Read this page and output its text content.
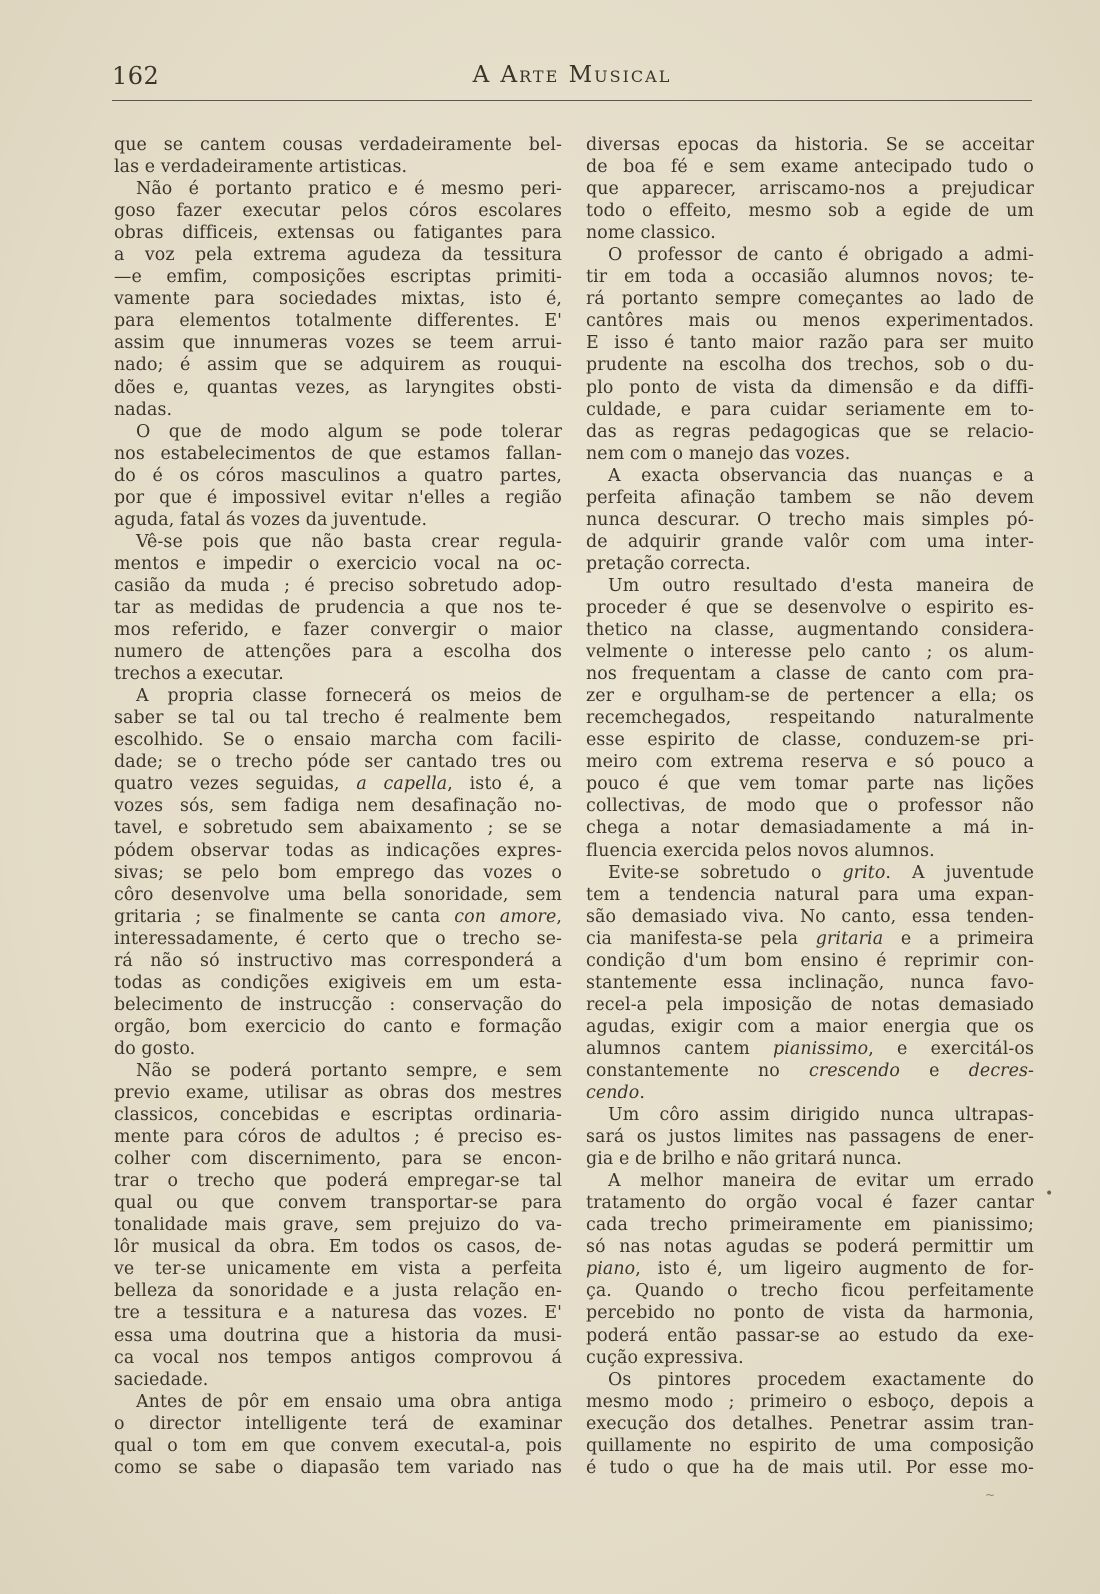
162	A Arte Musical
que se cantem cousas verdadeiramente bel-
las e verdadeiramente artisticas.
Não é portanto pratico e é mesmo peri-
goso fazer executar pelos córos escolares
obras difficeis, extensas ou fatigantes para
a voz pela extrema agudeza da tessitura
—e emfim, composições escriptas primiti-
vamente para sociedades mixtas, isto é,
para elementos totalmente differentes. E'
assim que innumeras vozes se teem arrui-
nado; é assim que se adquirem as rouqui-
dões e, quantas vezes, as laryngites obsti-
nadas.
O que de modo algum se pode tolerar
nos estabelecimentos de que estamos fallan-
do é os córos masculinos a quatro partes,
por que é impossivel evitar n'elles a região
aguda, fatal ás vozes da juventude.
Vê-se pois que não basta crear regula-
mentos e impedir o exercicio vocal na oc-
casião da muda ; é preciso sobretudo adop-
tar as medidas de prudencia a que nos te-
mos referido, e fazer convergir o maior
numero de attenções para a escolha dos
trechos a executar.
A propria classe fornecerá os meios de
saber se tal ou tal trecho é realmente bem
escolhido. Se o ensaio marcha com facili-
dade; se o trecho póde ser cantado tres ou
quatro vezes seguidas, a capella, isto é, a
vozes sós, sem fadiga nem desafinação no-
tavel, e sobretudo sem abaixamento ; se se
pódem observar todas as indicações expres-
sivas; se pelo bom emprego das vozes o
côro desenvolve uma bella sonoridade, sem
gritaria ; se finalmente se canta con amore,
interessadamente, é certo que o trecho se-
rá não só instructivo mas corresponderá a
todas as condições exigiveis em um esta-
belecimento de instrucção : conservação do
orgão, bom exercicio do canto e formação
do gosto.
Não se poderá portanto sempre, e sem
previo exame, utilisar as obras dos mestres
classicos, concebidas e escriptas ordinaria-
mente para córos de adultos ; é preciso es-
colher com discernimento, para se encon-
trar o trecho que poderá empregar-se tal
qual ou que convem transportar-se para
tonalidade mais grave, sem prejuizo do va-
lôr musical da obra. Em todos os casos, de-
ve ter-se unicamente em vista a perfeita
belleza da sonoridade e a justa relação en-
tre a tessitura e a naturesa das vozes. E'
essa uma doutrina que a historia da musi-
ca vocal nos tempos antigos comprovou á
saciedade.
Antes de pôr em ensaio uma obra antiga
o director intelligente terá de examinar
qual o tom em que convem executal-a, pois
como se sabe o diapasão tem variado nas
diversas epocas da historia. Se se acceitar
de boa fé e sem exame antecipado tudo o
que apparecer, arriscamo-nos a prejudicar
todo o effeito, mesmo sob a egide de um
nome classico.
O professor de canto é obrigado a admi-
tir em toda a occasião alumnos novos; te-
rá portanto sempre começantes ao lado de
cantôres mais ou menos experimentados.
E isso é tanto maior razão para ser muito
prudente na escolha dos trechos, sob o du-
plo ponto de vista da dimensão e da diffi-
culdade, e para cuidar seriamente em to-
das as regras pedagogicas que se relacio-
nem com o manejo das vozes.
A exacta observancia das nuanças e a
perfeita afinação tambem se não devem
nunca descurar. O trecho mais simples pó-
de adquirir grande valôr com uma inter-
pretação correcta.
Um outro resultado d'esta maneira de
proceder é que se desenvolve o espirito es-
thetico na classe, augmentando considera-
velmente o interesse pelo canto ; os alum-
nos frequentam a classe de canto com pra-
zer e orgulham-se de pertencer a ella; os
recemchegados, respeitando naturalmente
esse espirito de classe, conduzem-se pri-
meiro com extrema reserva e só pouco a
pouco é que vem tomar parte nas lições
collectivas, de modo que o professor não
chega a notar demasiadamente a má in-
fluencia exercida pelos novos alumnos.
Evite-se sobretudo o grito. A juventude
tem a tendencia natural para uma expan-
são demasiado viva. No canto, essa tenden-
cia manifesta-se pela gritaria e a primeira
condição d'um bom ensino é reprimir con-
stantemente essa inclinação, nunca favo-
recel-a pela imposição de notas demasiado
agudas, exigir com a maior energia que os
alumnos cantem pianissimo, e exercitál-os
constantemente no crescendo e decres-
cendo.
Um côro assim dirigido nunca ultrapas-
sará os justos limites nas passagens de ener-
gia e de brilho e não gritará nunca.
A melhor maneira de evitar um errado
tratamento do orgão vocal é fazer cantar
cada trecho primeiramente em pianissimo;
só nas notas agudas se poderá permittir um
piano, isto é, um ligeiro augmento de for-
ça. Quando o trecho ficou perfeitamente
percebido no ponto de vista da harmonia,
poderá então passar-se ao estudo da exe-
cução expressiva.
Os pintores procedem exactamente do
mesmo modo ; primeiro o esboço, depois a
execução dos detalhes. Penetrar assim tran-
quillamente no espirito de uma composição
é tudo o que ha de mais util. Por esse mo-
•
~
